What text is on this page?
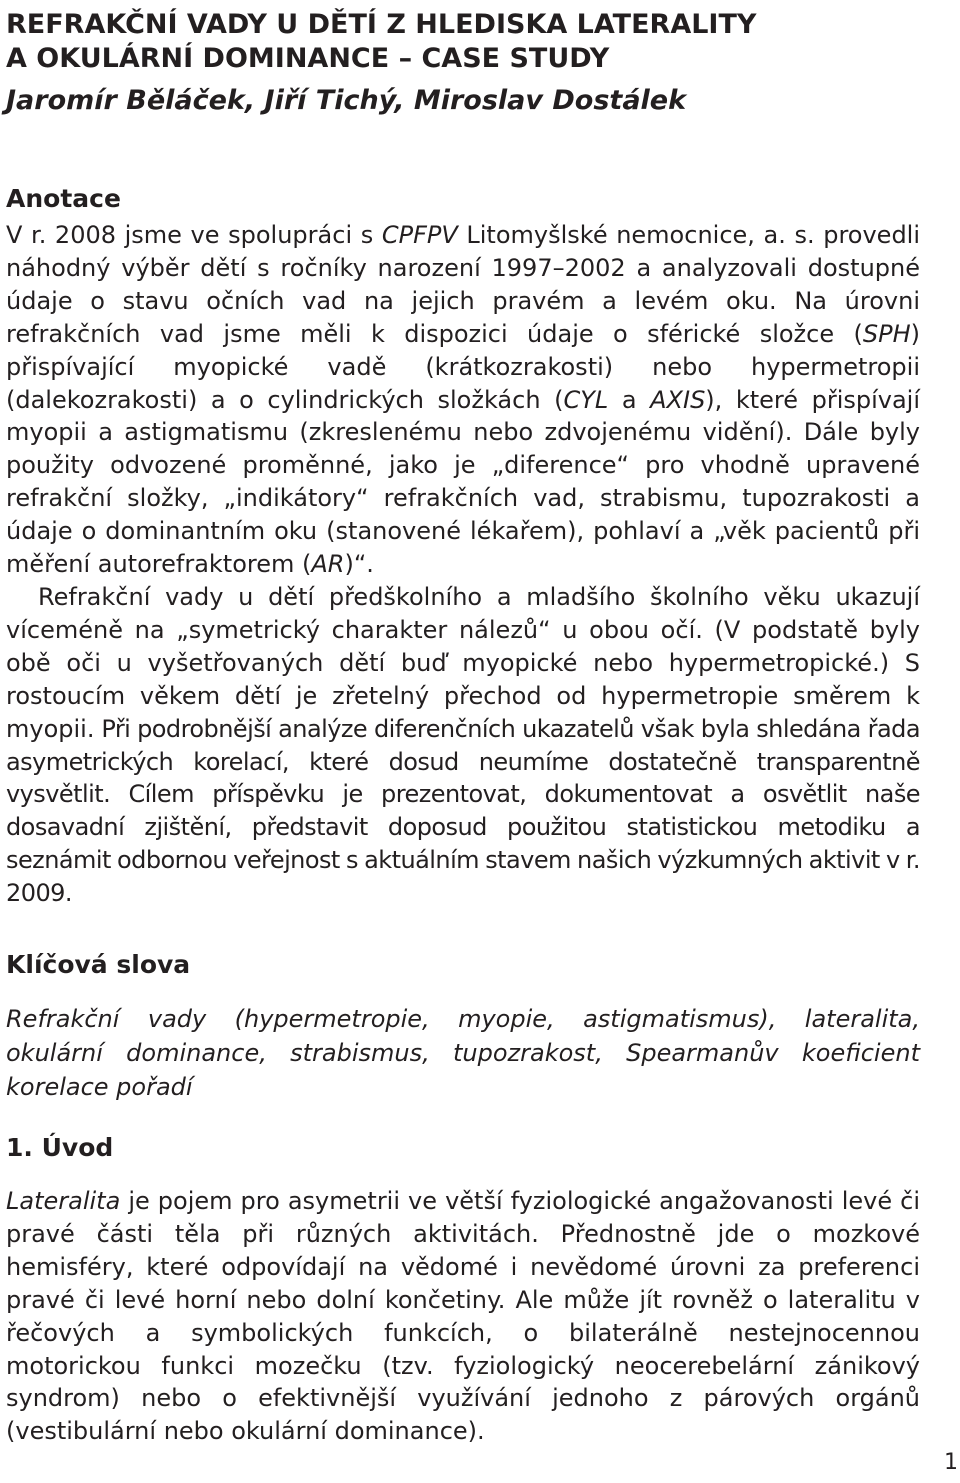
REFRAKČNÍ VADY U DĚTÍ Z HLEDISKA LATERALITY
A OKULÁRNÍ DOMINANCE – CASE STUDY
Jaromír Běláček, Jiří Tichý, Miroslav Dostálek
Anotace

V r. 2008 jsme ve spolupráci s CPFPV Litomyšlské nemocnice, a. s. provedli náhodný výběr dětí s ročníky narození 1997–2002 a analyzovali dostupné údaje o stavu očních vad na jejich pravém a levém oku. Na úrovni refrakčních vad jsme měli k dispozici údaje o sférické složce (SPH) přispívající myopické vadě (krátkozrakosti) nebo hypermetropii (dalekozrakosti) a o cylindrických složkách (CYL a AXIS), které přispívají myopii a astigmatismu (zkreslenému nebo zdvojenému vidění). Dále byly použity odvozené proměnné, jako je „diference“ pro vhodně upravené refrakční složky, „indikátory“ refrakčních vad, strabismu, tupozrakosti a údaje o dominantním oku (stanovené lékařem), pohlaví a „věk pacientů při měření autorefraktorem (AR)“.

Refrakční vady u dětí předškolního a mladšího školního věku ukazují víceméně na „symetrický charakter nálezů“ u obou očí. (V podstatě byly obě oči u vyšetřovaných dětí buď myopické nebo hypermetropické.) S rostoucím věkem dětí je zřetelný přechod od hypermetropie směrem k myopii. Při podrobnější analýze diferenčních ukazatelů však byla shledána řada asymetrických korelací, které dosud neumíme dostatečně transparentně vysvětlit. Cílem příspěvku je prezentovat, dokumentovat a osvětlit naše dosavadní zjištění, představit doposud použitou statistickou metodiku a seznámit odbornou veřejnost s aktuálním stavem našich výzkumných aktivit v r. 2009.

Klíčová slova

Refrakční vady (hypermetropie, myopie, astigmatismus), lateralita, okulární dominance, strabismus, tupozrakost, Spearmanův koeficient korelace pořadí

1. Úvod

Lateralita je pojem pro asymetrii ve větší fyziologické angažovanosti levé či pravé části těla při různých aktivitách. Přednostně jde o mozkové hemisféry, které odpovídají na vědomé i nevědomé úrovni za preferenci pravé či levé horní nebo dolní končetiny. Ale může jít rovněž o lateralitu v řečových a symbolických funkcích, o bilaterálně nestejnocennou motorickou funkci mozečku (tzv. fyziologický neocerebelární zánikový syndrom) nebo o efektivnější využívání jednoho z párových orgánů (vestibulární nebo okulární dominance).

1
